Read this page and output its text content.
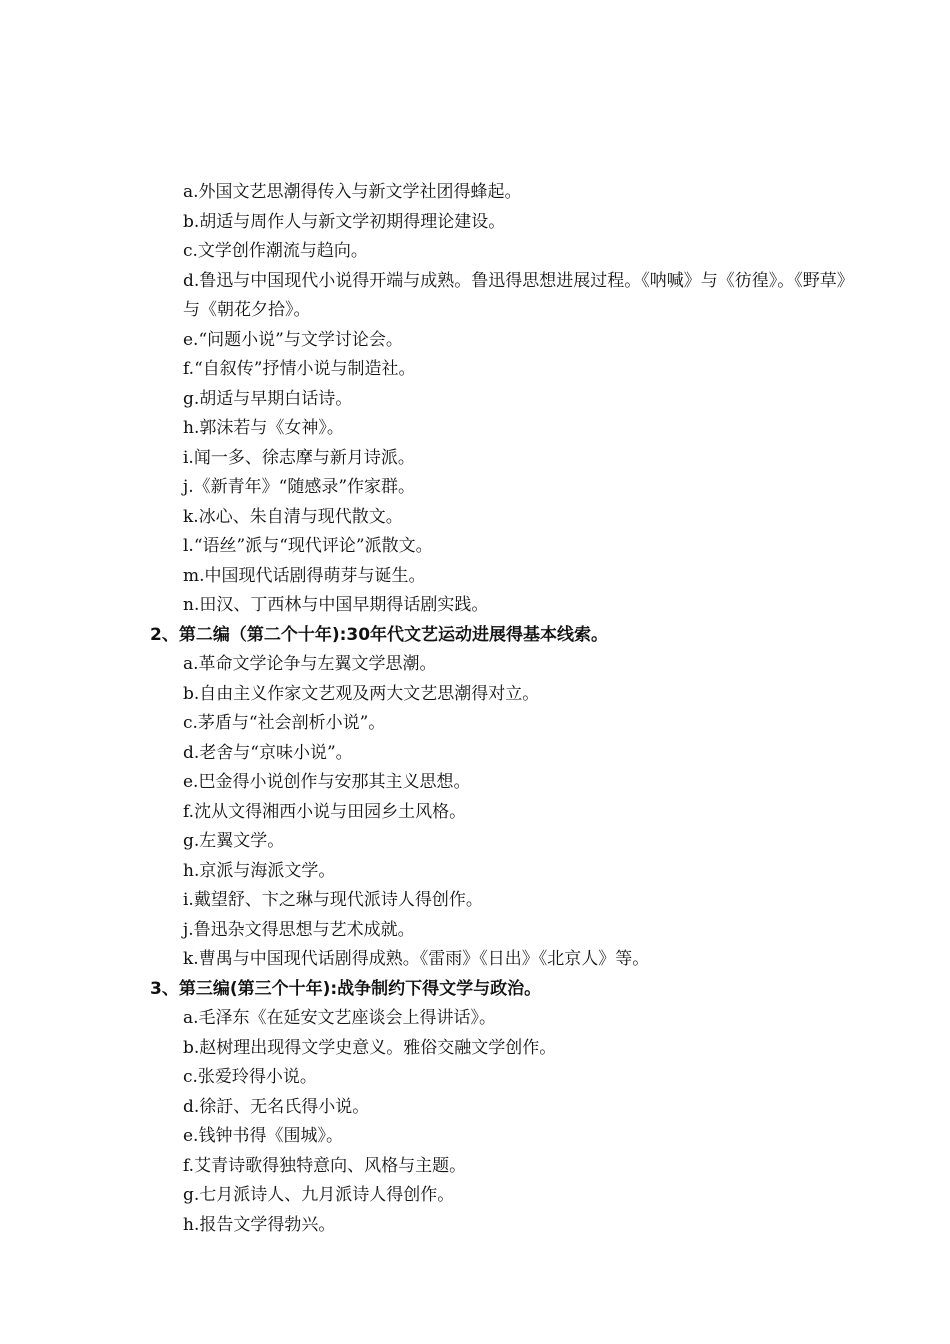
a.外国文艺思潮得传入与新文学社团得蜂起。
b.胡适与周作人与新文学初期得理论建设。
c.文学创作潮流与趋向。
d.鲁迅与中国现代小说得开端与成熟。鲁迅得思想进展过程。《呐喊》与《彷徨》。《野草》与《朝花夕拾》。
e.“问题小说”与文学讨论会。
f.“自叙传”抒情小说与制造社。
g.胡适与早期白话诗。
h.郭沫若与《女神》。
i.闻一多、徐志摩与新月诗派。
j.《新青年》“随感录”作家群。
k.冰心、朱自清与现代散文。
l.“语丝”派与“现代评论”派散文。
m.中国现代话剧得萌芽与诞生。
n.田汉、丁西林与中国早期得话剧实践。
2、第二编（第二个十年):30年代文艺运动进展得基本线索。
a.革命文学论争与左翼文学思潮。
b.自由主义作家文艺观及两大文艺思潮得对立。
c.茅盾与“社会剖析小说”。
d.老舍与“京味小说”。
e.巴金得小说创作与安那其主义思想。
f.沈从文得湘西小说与田园乡土风格。
g.左翼文学。
h.京派与海派文学。
i.戴望舒、卞之琳与现代派诗人得创作。
j.鲁迅杂文得思想与艺术成就。
k.曹禺与中国现代话剧得成熟。《雷雨》《日出》《北京人》等。
3、第三编(第三个十年):战争制约下得文学与政治。
a.毛泽东《在延安文艺座谈会上得讲话》。
b.赵树理出现得文学史意义。雅俗交融文学创作。
c.张爱玲得小说。
d.徐訏、无名氏得小说。
e.钱钟书得《围城》。
f.艾青诗歌得独特意向、风格与主题。
g.七月派诗人、九月派诗人得创作。
h.报告文学得勃兴。
